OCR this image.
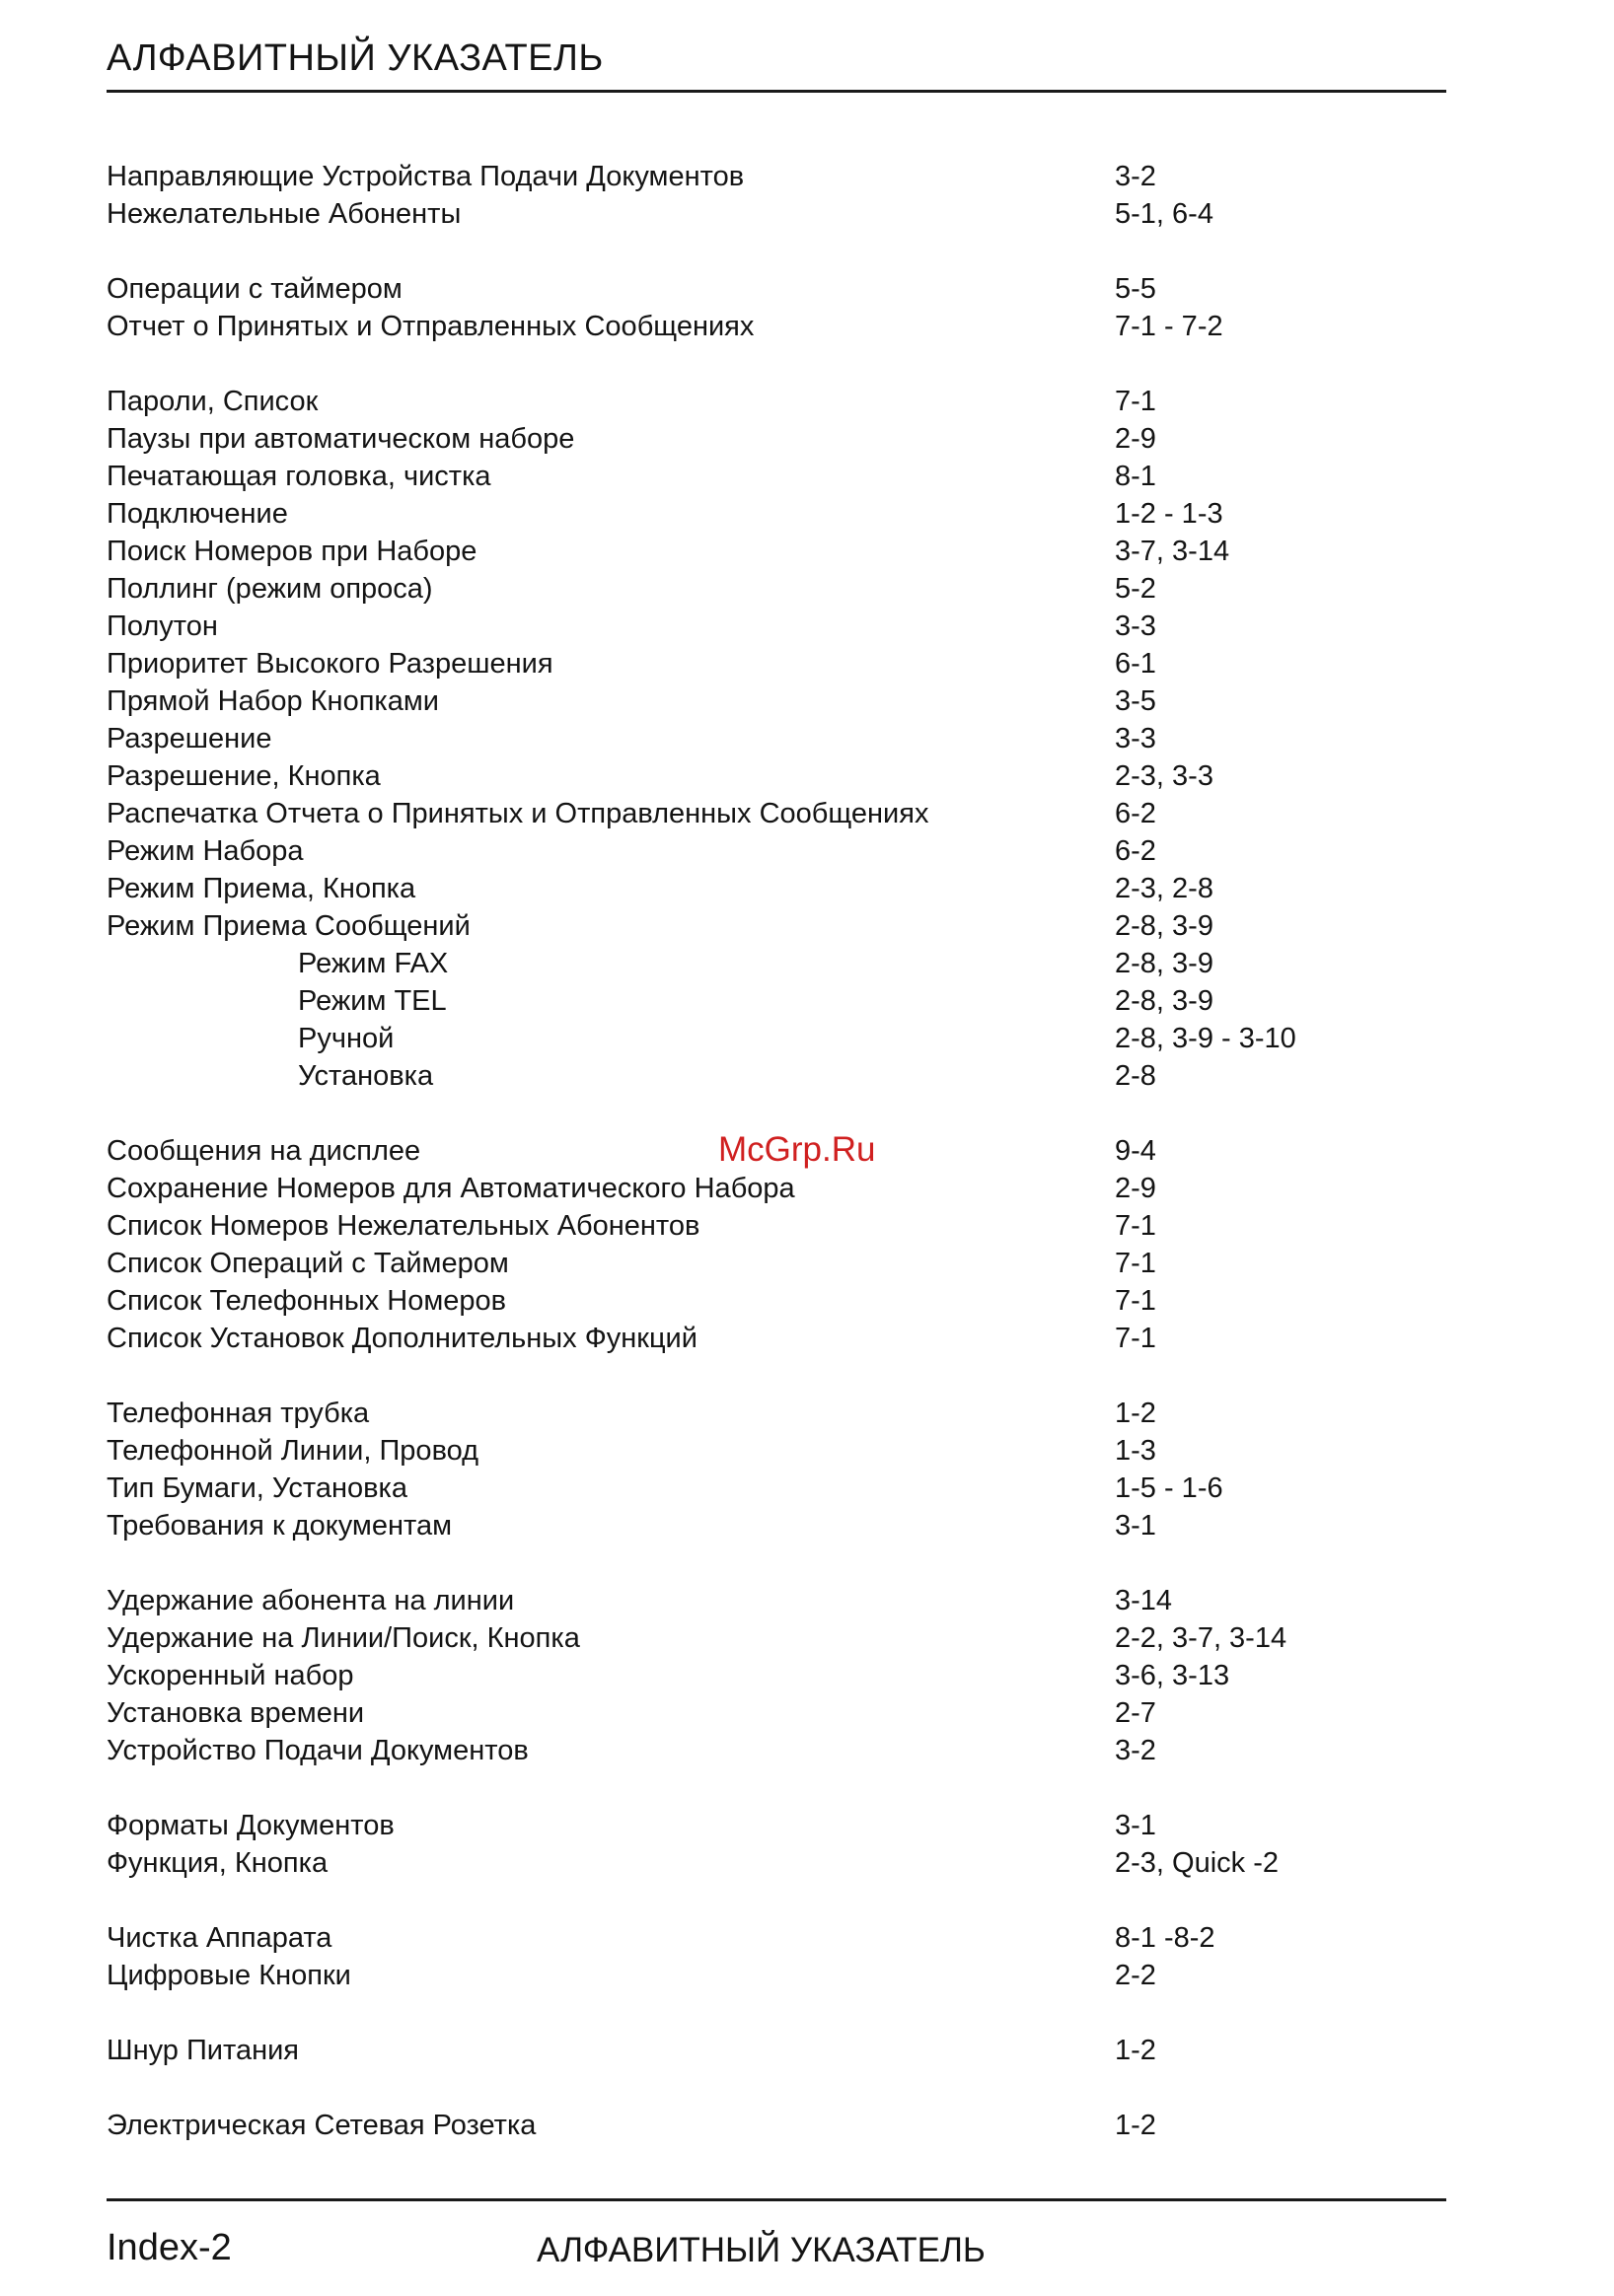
АЛФАВИТНЫЙ УКАЗАТЕЛЬ
Направляющие Устройства Подачи Документов	3-2
Нежелательные Абоненты	5-1, 6-4
Операции с таймером	5-5
Отчет о Принятых и Отправленных Сообщениях	7-1 - 7-2
Пароли, Список	7-1
Паузы при автоматическом наборе	2-9
Печатающая головка, чистка	8-1
Подключение	1-2 - 1-3
Поиск Номеров при Наборе	3-7, 3-14
Поллинг (режим опроса)	5-2
Полутон	3-3
Приоритет Высокого Разрешения	6-1
Прямой Набор Кнопками	3-5
Разрешение	3-3
Разрешение, Кнопка	2-3, 3-3
Распечатка Отчета о Принятых и Отправленных Сообщениях	6-2
Режим Набора	6-2
Режим Приема, Кнопка	2-3, 2-8
Режим Приема Сообщений	2-8, 3-9
Режим FAX	2-8, 3-9
Режим TEL	2-8, 3-9
Ручной	2-8, 3-9 - 3-10
Установка	2-8
Сообщения на дисплее	9-4
Сохранение Номеров для Автоматического Набора	2-9
Список Номеров Нежелательных Абонентов	7-1
Список Операций с Таймером	7-1
Список Телефонных Номеров	7-1
Список Установок Дополнительных Функций	7-1
Телефонная трубка	1-2
Телефонной Линии, Провод	1-3
Тип Бумаги, Установка	1-5 - 1-6
Требования к документам	3-1
Удержание абонента на линии	3-14
Удержание на Линии/Поиск, Кнопка	2-2, 3-7, 3-14
Ускоренный набор	3-6, 3-13
Установка времени	2-7
Устройство Подачи Документов	3-2
Форматы Документов	3-1
Функция, Кнопка	2-3, Quick -2
Чистка Аппарата	8-1 -8-2
Цифровые Кнопки	2-2
Шнур Питания	1-2
Электрическая Сетевая Розетка	1-2
McGrp.Ru
Index-2	АЛФАВИТНЫЙ УКАЗАТЕЛЬ
